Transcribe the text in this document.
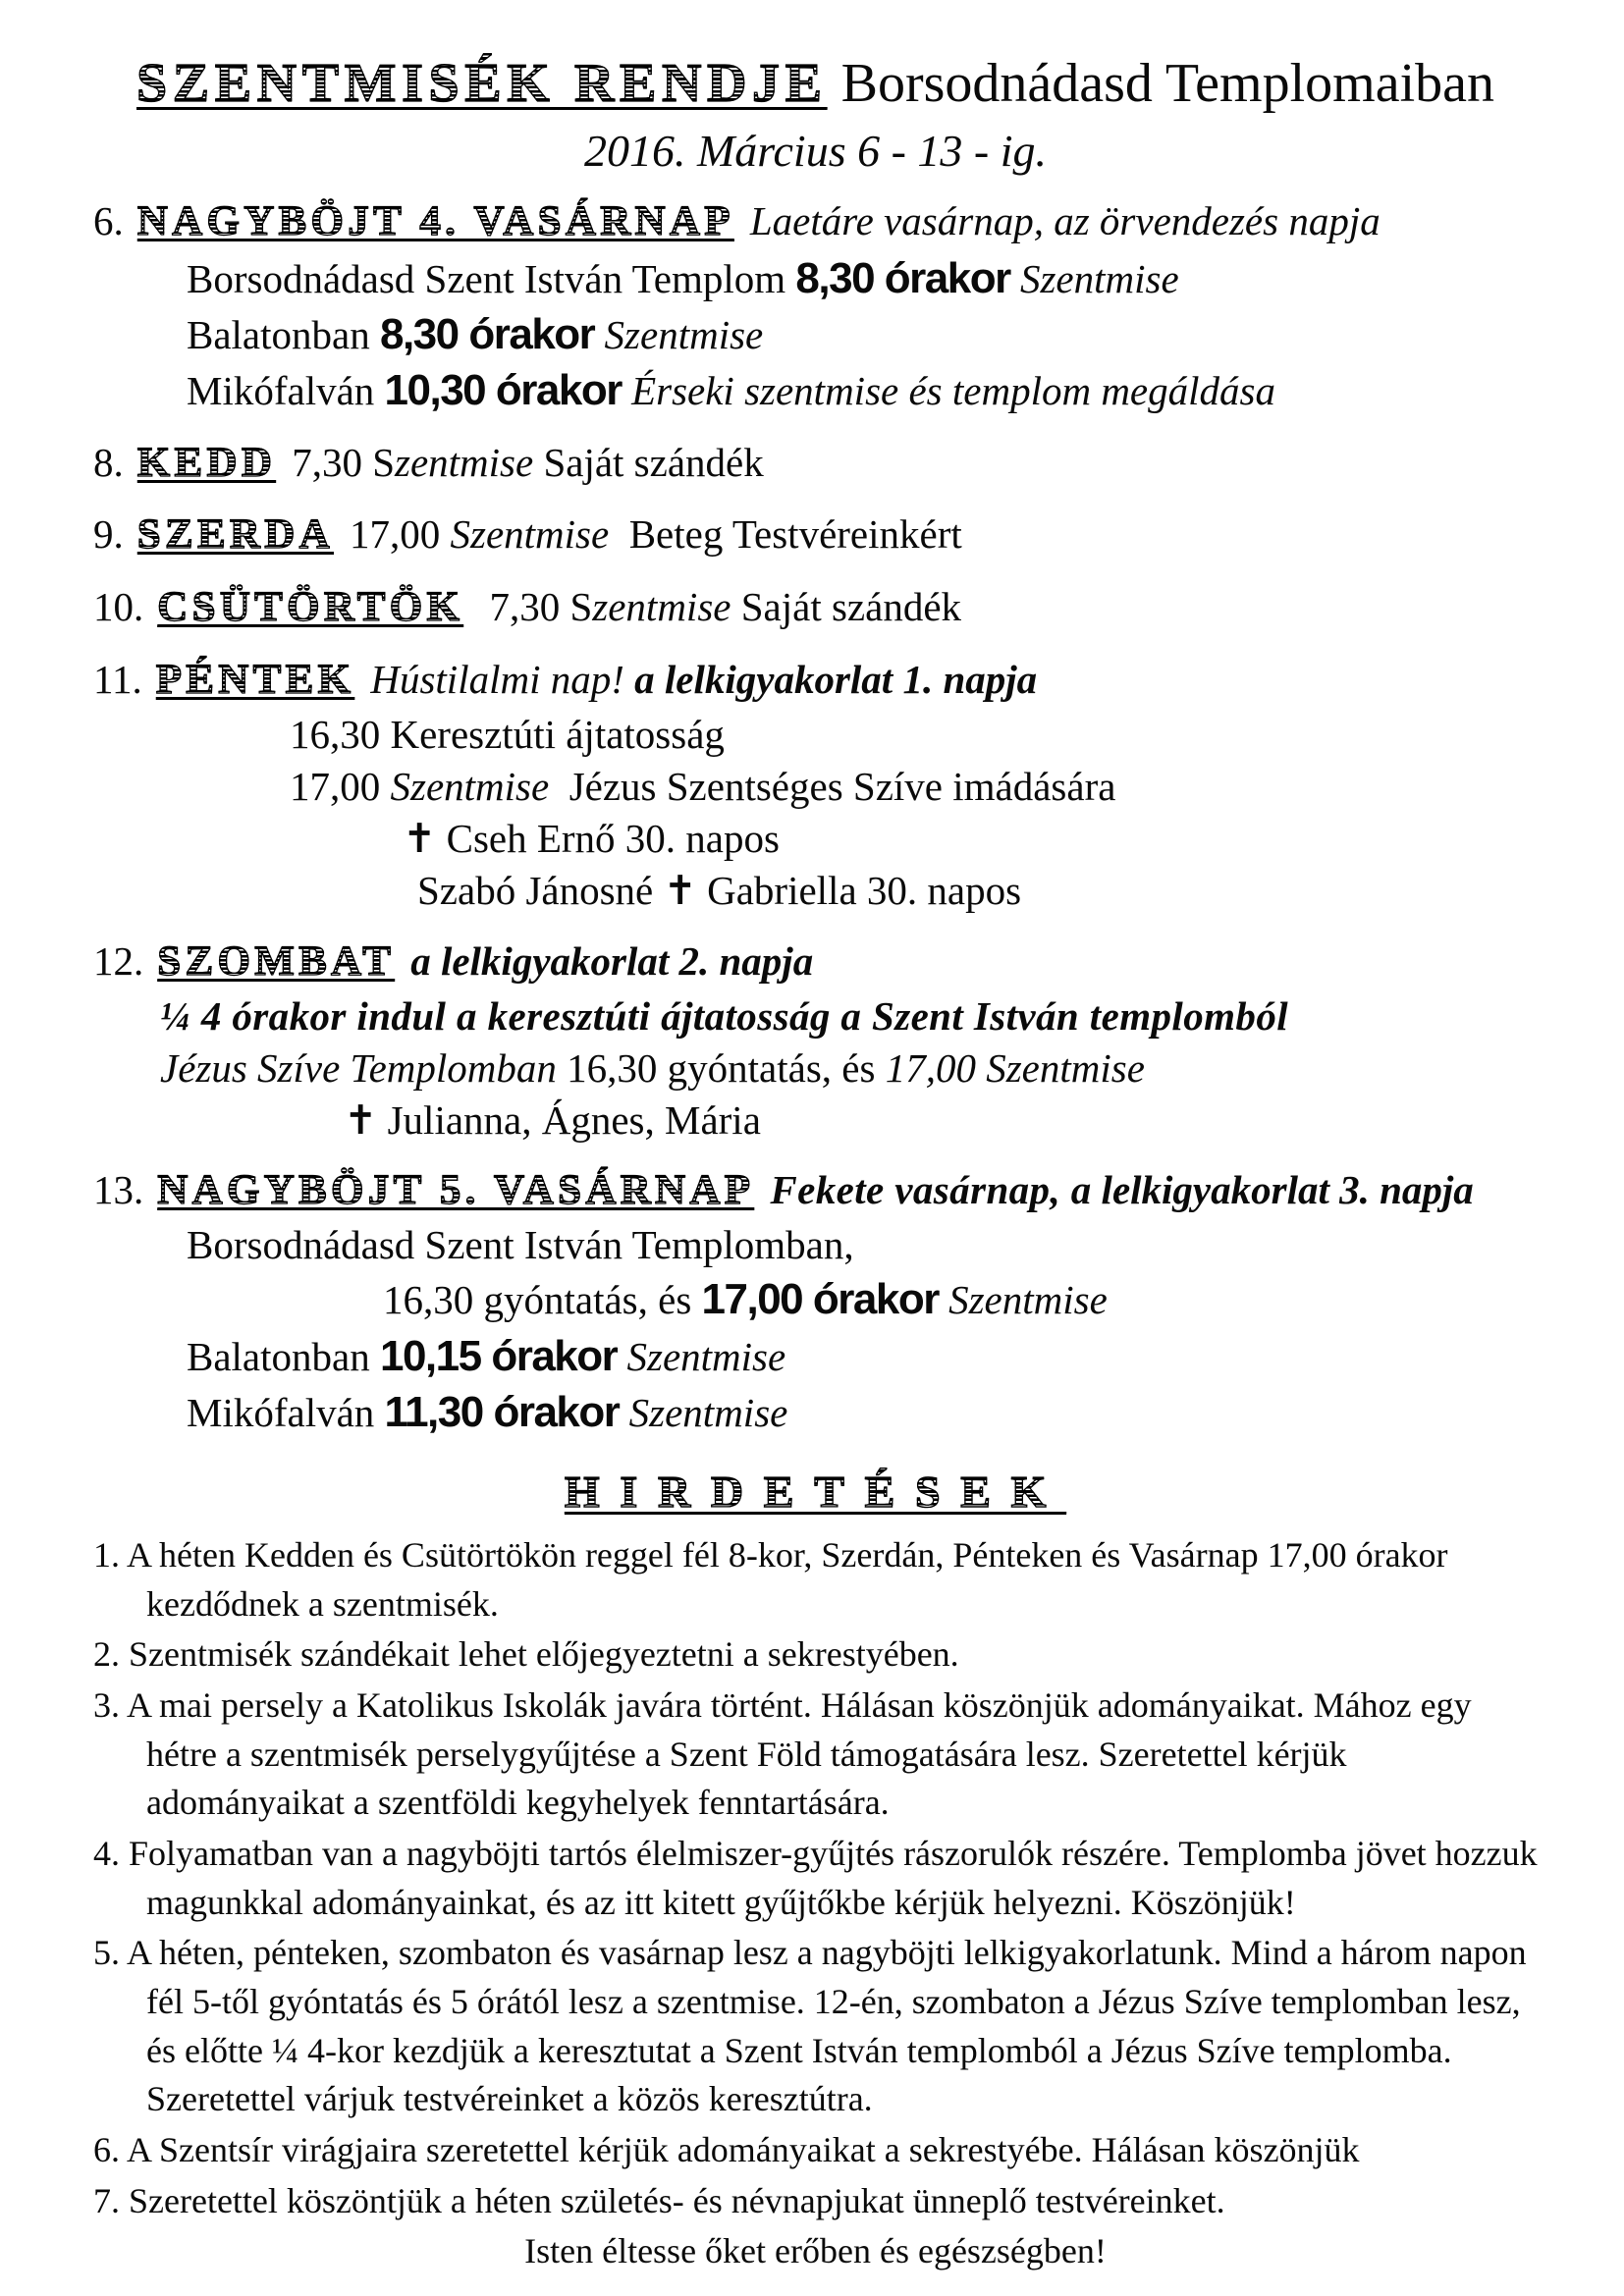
SZENTMISÉK RENDJE Borsodnádasd Templomaiban
2016. Március 6 - 13 - ig.
6. NAGYBÖJT 4. VASÁRNAP Laetáre vasárnap, az örvendezés napja
Borsodnádasd Szent István Templom 8,30 órakor Szentmise
Balatonban 8,30 órakor Szentmise
Mikófalván 10,30 órakor Érseki szentmise és templom megáldása
8. KEDD 7,30 Szentmise Saját szándék
9. SZERDA 17,00 Szentmise  Beteg Testvéreinkért
10. CSÜTÖRTÖK 7,30 Szentmise Saját szándék
11. PÉNTEK Hústilalmi nap! a lelkigyakorlat 1. napja
16,30 Keresztúti ájtatosság
17,00 Szentmise  Jézus Szentséges Szíve imádására
✝ Cseh Ernő 30. napos
Szabó Jánosné ✝ Gabriella 30. napos
12. SZOMBAT a lelkigyakorlat 2. napja
¼ 4 órakor indul a keresztúti ájtatosság a Szent István templomból
Jézus Szíve Templomban 16,30 gyóntatás, és 17,00 Szentmise
✝ Julianna, Ágnes, Mária
13. NAGYBÖJT 5. VASÁRNAP Fekete vasárnap, a lelkigyakorlat 3. napja
Borsodnádasd Szent István Templomban,
16,30 gyóntatás, és 17,00 órakor Szentmise
Balatonban 10,15 órakor Szentmise
Mikófalván 11,30 órakor Szentmise
HIRDETÉSEK

1. A héten Kedden és Csütörtökön reggel fél 8-kor, Szerdán, Pénteken és Vasárnap 17,00 órakor kezdődnek a szentmisék.

2. Szentmisék szándékait lehet előjegyeztetni a sekrestyében.

3. A mai persely a Katolikus Iskolák javára történt. Hálásan köszönjük adományaikat. Mához egy hétre a szentmisék perselygyűjtése a Szent Föld támogatására lesz. Szeretettel kérjük adományaikat a szentföldi kegyhelyek fenntartására.

4. Folyamatban van a nagyböjti tartós élelmiszer-gyűjtés rászorulók részére. Templomba jövet hozzuk magunkkal adományainkat, és az itt kitett gyűjtőkbe kérjük helyezni. Köszönjük!

5. A héten, pénteken, szombaton és vasárnap lesz a nagyböjti lelkigyakorlatunk. Mind a három napon fél 5-től gyóntatás és 5 órától lesz a szentmise. 12-én, szombaton a Jézus Szíve templomban lesz, és előtte ¼ 4-kor kezdjük a keresztutat a Szent István templomból a Jézus Szíve templomba. Szeretettel várjuk testvéreinket a közös keresztútra.

6. A Szentsír virágjaira szeretettel kérjük adományaikat a sekrestyébe. Hálásan köszönjük

7. Szeretettel köszöntjük a héten születés- és névnapjukat ünneplő testvéreinket.

Isten éltesse őket erőben és egészségben!
